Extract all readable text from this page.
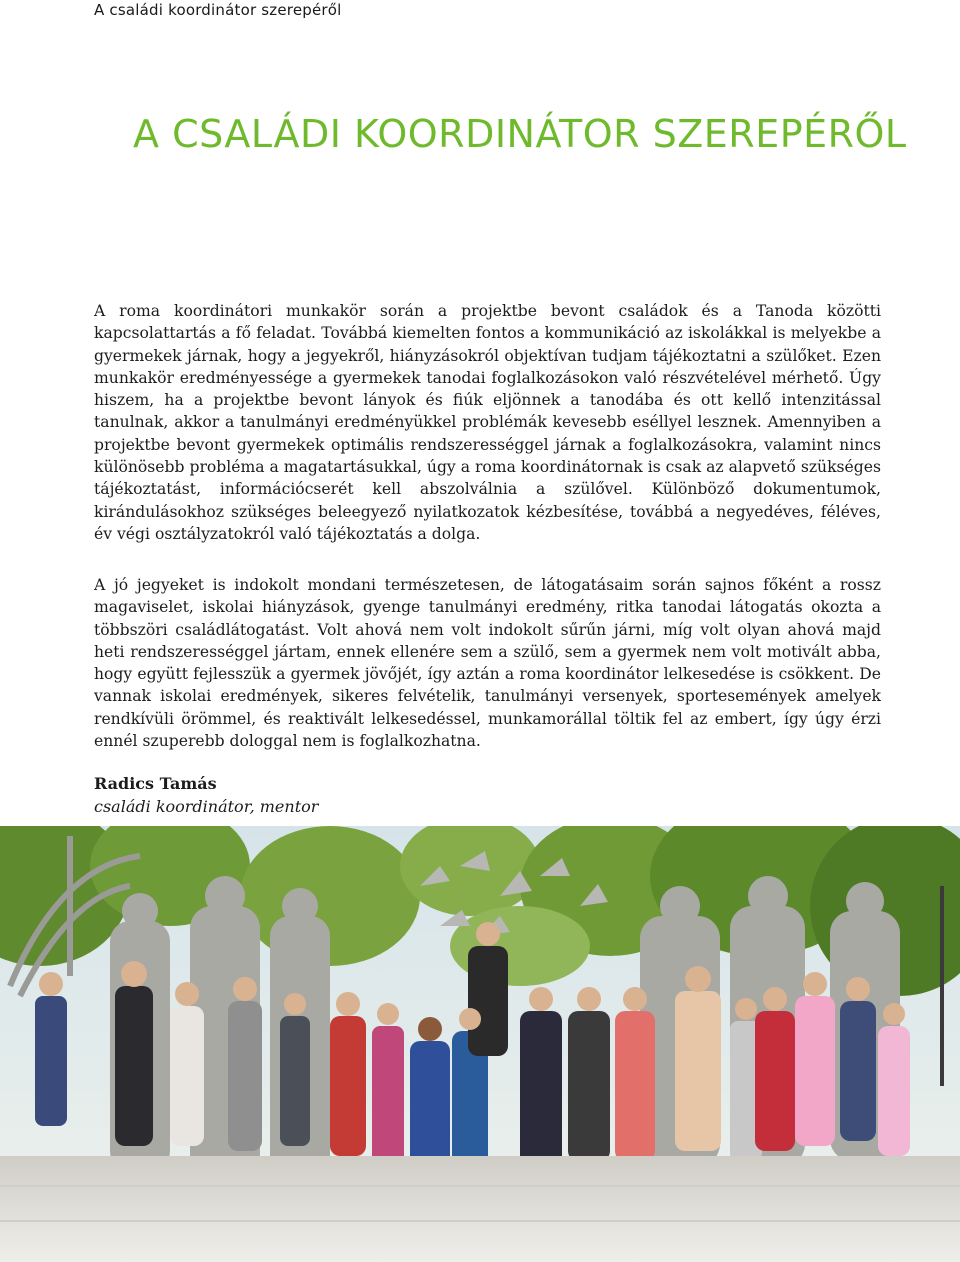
A családi koordinátor szerepéről
A CSALÁDI KOORDINÁTOR SZEREPÉRŐL

A roma koordinátori munkakör során a projektbe bevont családok és a Tanoda közötti kapcsolattartás a fő feladat. Továbbá kiemelten fontos a kommunikáció az iskolákkal is melyekbe a gyermekek járnak, hogy a jegyekről, hiányzásokról objektívan tudjam tájékoztatni a szülőket. Ezen munkakör eredményessége a gyermekek tanodai foglalkozásokon való részvételével mérhető. Úgy hiszem, ha a projektbe bevont lányok és fiúk eljönnek a tanodába és ott kellő intenzitással tanulnak, akkor a tanulmányi eredményükkel problémák kevesebb eséllyel lesznek. Amennyiben a projektbe bevont gyermekek optimális rendszerességgel járnak a foglalkozásokra, valamint nincs különösebb probléma a magatartásukkal, úgy a roma koordinátornak is csak az alapvető szükséges tájékoztatást, információcserét kell abszolválnia a szülővel. Különböző dokumentumok, kirándulásokhoz szükséges beleegyező nyilatkozatok kézbesítése, továbbá a negyedéves, féléves, év végi osztályzatokról való tájékoztatás a dolga.

A jó jegyeket is indokolt mondani természetesen, de látogatásaim során sajnos főként a rossz magaviselet, iskolai hiányzások, gyenge tanulmányi eredmény, ritka tanodai látogatás okozta a többszöri családlátogatást. Volt ahová nem volt indokolt sűrűn járni, míg volt olyan ahová majd heti rendszerességgel jártam, ennek ellenére sem a szülő, sem a gyermek nem volt motivált abba, hogy együtt fejlesszük a gyermek jövőjét, így aztán a roma koordinátor lelkesedése is csökkent. De vannak iskolai eredmények, sikeres felvételik, tanulmányi versenyek, sportesemények amelyek rendkívüli örömmel, és reaktivált lelkesedéssel, munkamorállal töltik fel az embert, így úgy érzi ennél szuperebb dologgal nem is foglalkozhatna.

Radics Tamás
családi koordinátor, mentor
